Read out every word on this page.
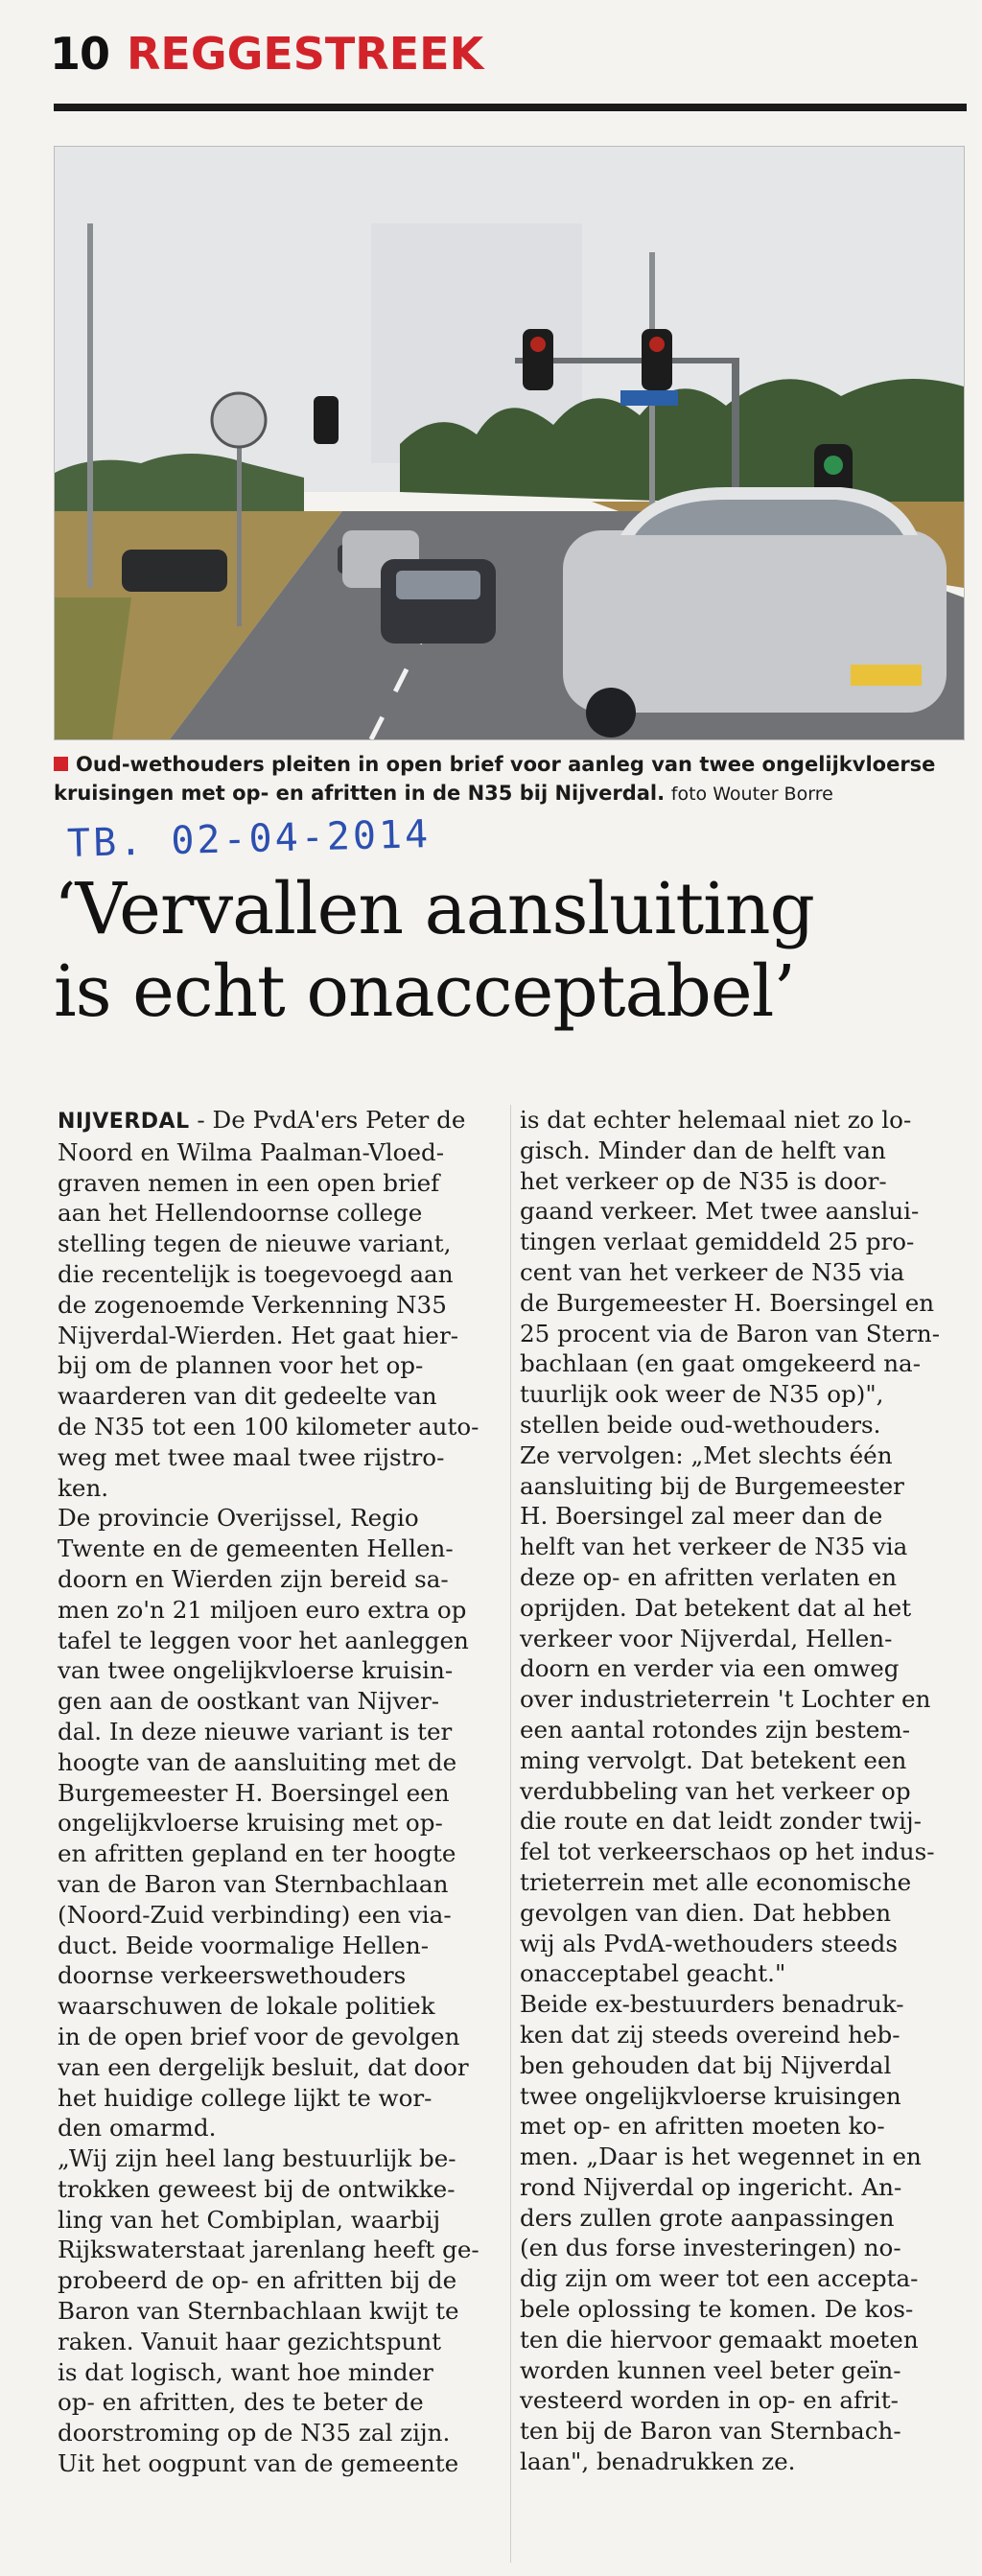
10 REGGESTREEK
Oud-wethouders pleiten in open brief voor aanleg van twee ongelijkvloerse kruisingen met op- en afritten in de N35 bij Nijverdal. foto Wouter Borre
TB. 02-04-2014
‘Vervallen aansluiting
is echt onacceptabel’

NIJVERDAL - De PvdA'ers Peter de
Noord en Wilma Paalman-Vloed-
graven nemen in een open brief
aan het Hellendoornse college
stelling tegen de nieuwe variant,
die recentelijk is toegevoegd aan
de zogenoemde Verkenning N35
Nijverdal-Wierden. Het gaat hier-
bij om de plannen voor het op-
waarderen van dit gedeelte van
de N35 tot een 100 kilometer auto-
weg met twee maal twee rijstro-
ken.

De provincie Overijssel, Regio
Twente en de gemeenten Hellen-
doorn en Wierden zijn bereid sa-
men zo'n 21 miljoen euro extra op
tafel te leggen voor het aanleggen
van twee ongelijkvloerse kruisin-
gen aan de oostkant van Nijver-
dal. In deze nieuwe variant is ter
hoogte van de aansluiting met de
Burgemeester H. Boersingel een
ongelijkvloerse kruising met op-
en afritten gepland en ter hoogte
van de Baron van Sternbachlaan
(Noord-Zuid verbinding) een via-
duct. Beide voormalige Hellen-
doornse verkeerswethouders
waarschuwen de lokale politiek
in de open brief voor de gevolgen
van een dergelijk besluit, dat door
het huidige college lijkt te wor-
den omarmd.

„Wij zijn heel lang bestuurlijk be-
trokken geweest bij de ontwikke-
ling van het Combiplan, waarbij
Rijkswaterstaat jarenlang heeft ge-
probeerd de op- en afritten bij de
Baron van Sternbachlaan kwijt te
raken. Vanuit haar gezichtspunt
is dat logisch, want hoe minder
op- en afritten, des te beter de
doorstroming op de N35 zal zijn.
Uit het oogpunt van de gemeente

is dat echter helemaal niet zo lo-
gisch. Minder dan de helft van
het verkeer op de N35 is door-
gaand verkeer. Met twee aanslui-
tingen verlaat gemiddeld 25 pro-
cent van het verkeer de N35 via
de Burgemeester H. Boersingel en
25 procent via de Baron van Stern-
bachlaan (en gaat omgekeerd na-
tuurlijk ook weer de N35 op)",
stellen beide oud-wethouders.

Ze vervolgen: „Met slechts één
aansluiting bij de Burgemeester
H. Boersingel zal meer dan de
helft van het verkeer de N35 via
deze op- en afritten verlaten en
oprijden. Dat betekent dat al het
verkeer voor Nijverdal, Hellen-
doorn en verder via een omweg
over industrieterrein 't Lochter en
een aantal rotondes zijn bestem-
ming vervolgt. Dat betekent een
verdubbeling van het verkeer op
die route en dat leidt zonder twij-
fel tot verkeerschaos op het indus-
trieterrein met alle economische
gevolgen van dien. Dat hebben
wij als PvdA-wethouders steeds
onacceptabel geacht."

Beide ex-bestuurders benadruk-
ken dat zij steeds overeind heb-
ben gehouden dat bij Nijverdal
twee ongelijkvloerse kruisingen
met op- en afritten moeten ko-
men. „Daar is het wegennet in en
rond Nijverdal op ingericht. An-
ders zullen grote aanpassingen
(en dus forse investeringen) no-
dig zijn om weer tot een accepta-
bele oplossing te komen. De kos-
ten die hiervoor gemaakt moeten
worden kunnen veel beter geïn-
vesteerd worden in op- en afrit-
ten bij de Baron van Sternbach-
laan", benadrukken ze.
